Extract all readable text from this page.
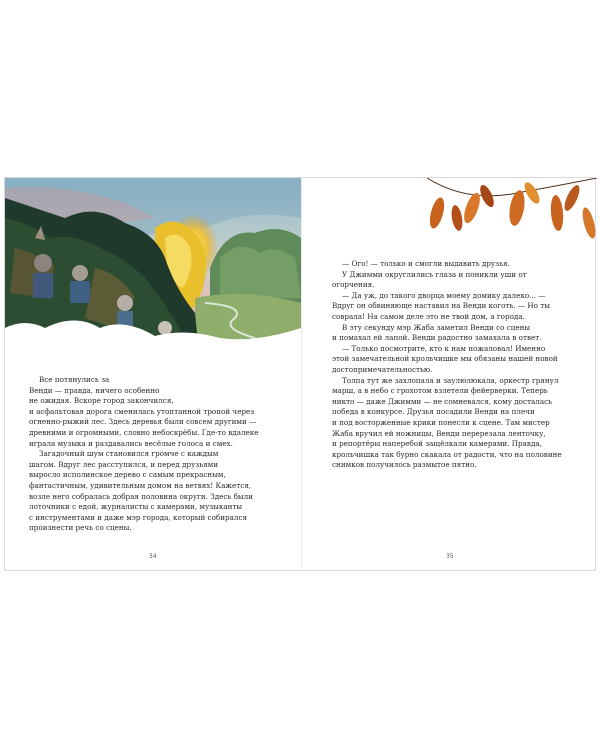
Все потянулись за

Венди — правда, ничего особенно

не ожидая. Вскоре город закончился,

и асфальтовая дорога сменилась утоптанной тропой через

огненно-рыжий лес. Здесь деревья были совсем другими —

древними и огромными, словно небоскрёбы. Где-то вдалеке

играла музыка и раздавались весёлые голоса и смех.

Загадочный шум становился громче с каждым

шагом. Вдруг лес расступился, и перед друзьями

выросло исполинское дерево с самым прекрасным,

фантастичным, удивительным домом на ветвях! Кажется,

возле него собралась добрая половина округи. Здесь были

лоточники с едой, журналисты с камерами, музыканты

с инструментами и даже мэр города, который собирался

произнести речь со сцены.

34

— Ого! — только и смогли выдавить друзья.

У Джимми округлились глаза и поникли уши от

огорчения.

— Да уж, до такого дворца моему домику далеко... —

Вдруг он обвиняюще наставил на Венди коготь. — Но ты

соврала! На самом деле это не твой дом, а города.

В эту секунду мэр Жаба заметил Венди со сцены

и помахал ей лапой. Венди радостно замахала в ответ.

— Только посмотрите, кто к нам пожаловал! Именно

этой замечательной крольчишке мы обязаны нашей новой

достопримечательностью.

Толпа тут же захлопала и заулюлюкала, оркестр грянул

марш, а в небо с грохотом взлетели фейерверки. Теперь

никто — даже Джимми — не сомневался, кому досталась

победа в конкурсе. Друзья посадили Венди на плечи

и под восторженные крики понесли к сцене. Там мистер

Жаба вручил ей ножницы, Венди перерезала ленточку,

и репортёры наперебой защёлкали камерами. Правда,

крольчишка так бурно скакала от радости, что на половине

снимков получилось размытое пятно.

35
